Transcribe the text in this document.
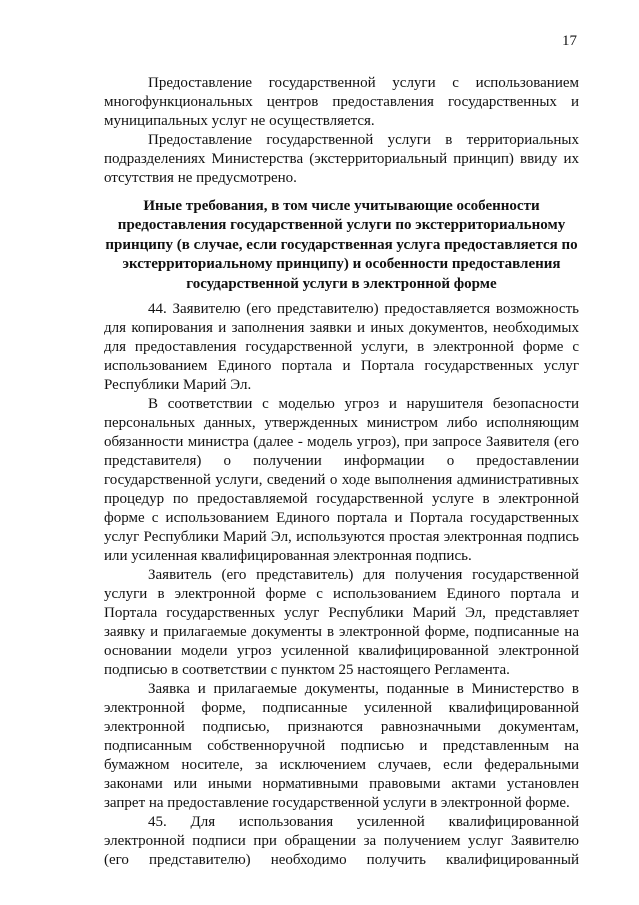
17

Предоставление государственной услуги с использованием многофункциональных центров предоставления государственных и муниципальных услуг не осуществляется.

Предоставление государственной услуги в территориальных подразделениях Министерства (экстерриториальный принцип) ввиду их отсутствия не предусмотрено.

Иные требования, в том числе учитывающие особенности предоставления государственной услуги по экстерриториальному принципу (в случае, если государственная услуга предоставляется по экстерриториальному принципу) и особенности предоставления государственной услуги в электронной форме

44. Заявителю (его представителю) предоставляется возможность для копирования и заполнения заявки и иных документов, необходимых для предоставления государственной услуги, в электронной форме с использованием Единого портала и Портала государственных услуг Республики Марий Эл.

В соответствии с моделью угроз и нарушителя безопасности персональных данных, утвержденных министром либо исполняющим обязанности министра (далее - модель угроз), при запросе Заявителя (его представителя) о получении информации о предоставлении государственной услуги, сведений о ходе выполнения административных процедур по предоставляемой государственной услуге в электронной форме с использованием Единого портала и Портала государственных услуг Республики Марий Эл, используются простая электронная подпись или усиленная квалифицированная электронная подпись.

Заявитель (его представитель) для получения государственной услуги в электронной форме с использованием Единого портала и Портала государственных услуг Республики Марий Эл, представляет заявку и прилагаемые документы в электронной форме, подписанные на основании модели угроз усиленной квалифицированной электронной подписью в соответствии с пунктом 25 настоящего Регламента.

Заявка и прилагаемые документы, поданные в Министерство в электронной форме, подписанные усиленной квалифицированной электронной подписью, признаются равнозначными документам, подписанным собственноручной подписью и представленным на бумажном носителе, за исключением случаев, если федеральными законами или иными нормативными правовыми актами установлен запрет на предоставление государственной услуги в электронной форме.

45. Для использования усиленной квалифицированной электронной подписи при обращении за получением услуг Заявителю (его представителю) необходимо получить квалифицированный
